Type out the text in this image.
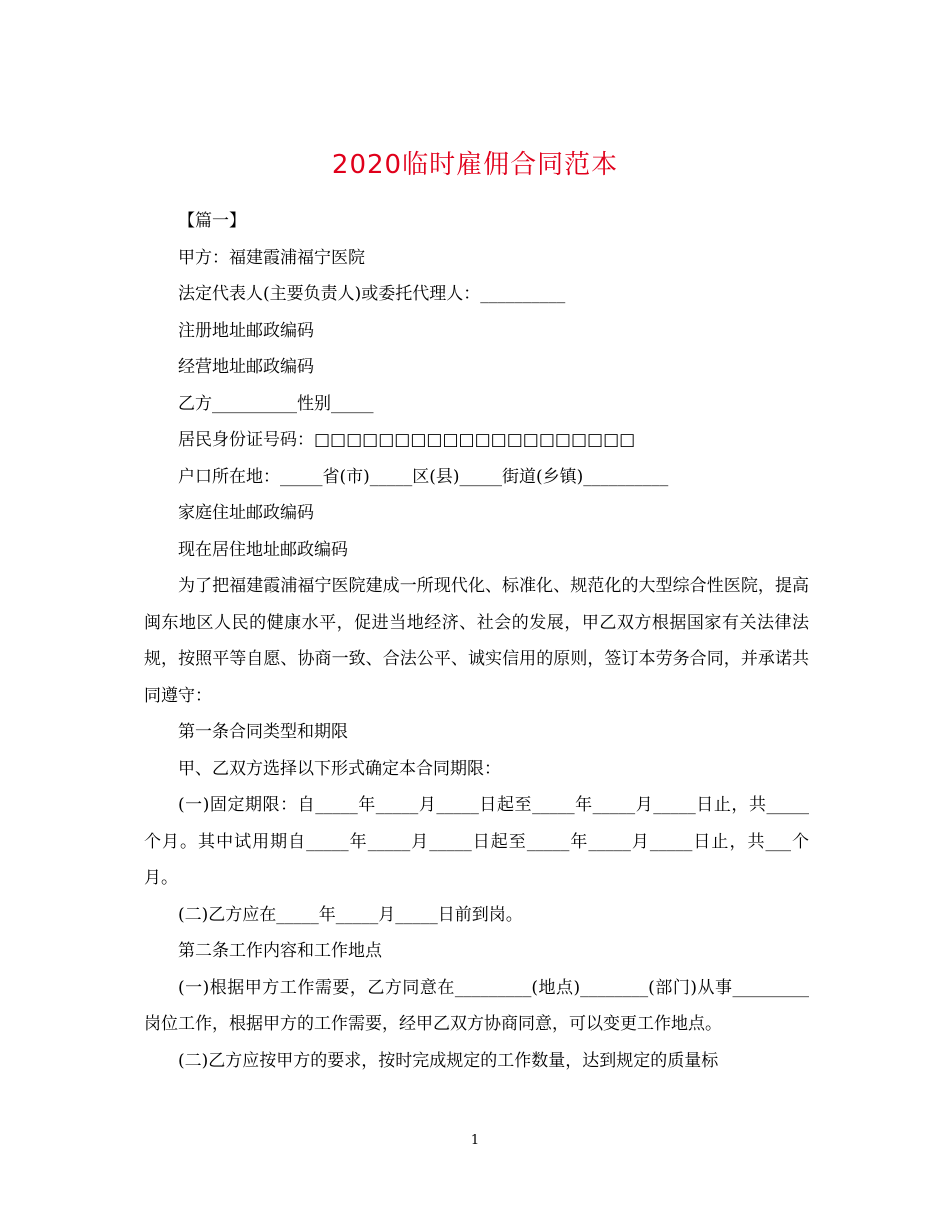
2020临时雇佣合同范本

【篇一】

甲方：福建霞浦福宁医院

法定代表人(主要负责人)或委托代理人：__________

注册地址邮政编码

经营地址邮政编码

乙方__________性别_____

居民身份证号码：□□□□□□□□□□□□□□□□□□□□

户口所在地：_____省(市)_____区(县)_____街道(乡镇)__________

家庭住址邮政编码

现在居住地址邮政编码

为了把福建霞浦福宁医院建成一所现代化、标准化、规范化的大型综合性医院，提高闽东地区人民的健康水平，促进当地经济、社会的发展，甲乙双方根据国家有关法律法规，按照平等自愿、协商一致、合法公平、诚实信用的原则，签订本劳务合同，并承诺共同遵守：

第一条合同类型和期限

甲、乙双方选择以下形式确定本合同期限：

(一)固定期限：自_____年_____月_____日起至_____年_____月_____日止，共_____个月。其中试用期自_____年_____月_____日起至_____年_____月_____日止，共___个月。

(二)乙方应在_____年_____月_____日前到岗。

第二条工作内容和工作地点

(一)根据甲方工作需要，乙方同意在_________(地点)________(部门)从事_________岗位工作，根据甲方的工作需要，经甲乙双方协商同意，可以变更工作地点。

(二)乙方应按甲方的要求，按时完成规定的工作数量，达到规定的质量标

1
